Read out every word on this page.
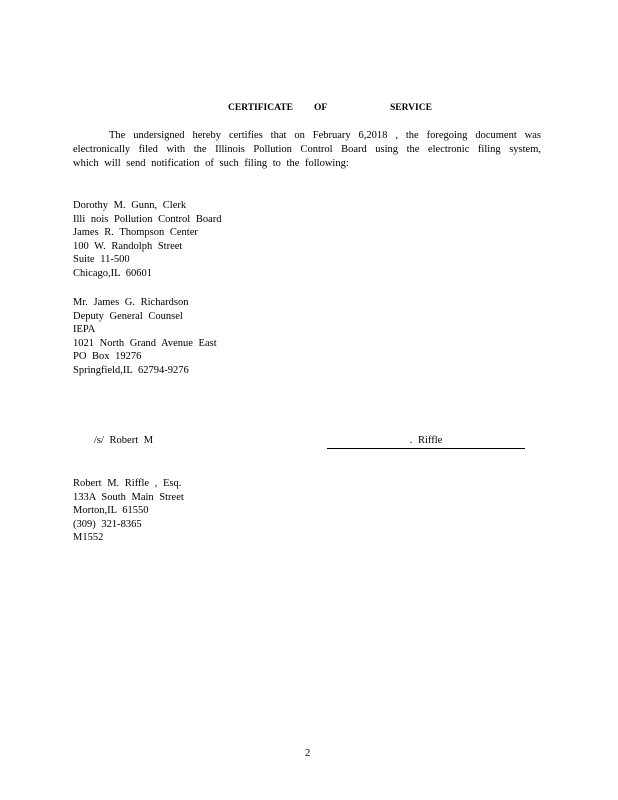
CERTIFICATE OF	SERVICE
The undersigned hereby certifies that on February 6,2018 , the foregoing document was
electronically filed with the Illinois Pollution Control Board using the electronic filing system,
which will send notification of such filing to the following:
Dorothy M. Gunn, Clerk
Illi nois Pollution Control Board
James R. Thompson Center
100 W. Randolph Street
Suite 11-500
Chicago,IL 60601
Mr. James G. Richardson
Deputy General Counsel
IEPA
1021 North Grand Avenue East
PO Box 19276
Springfield,IL 62794-9276
/s/ Robert M	. Riffle
Robert M. Riffle , Esq.
133A South Main Street
Morton,IL 61550
(309) 321-8365
M1552
2
